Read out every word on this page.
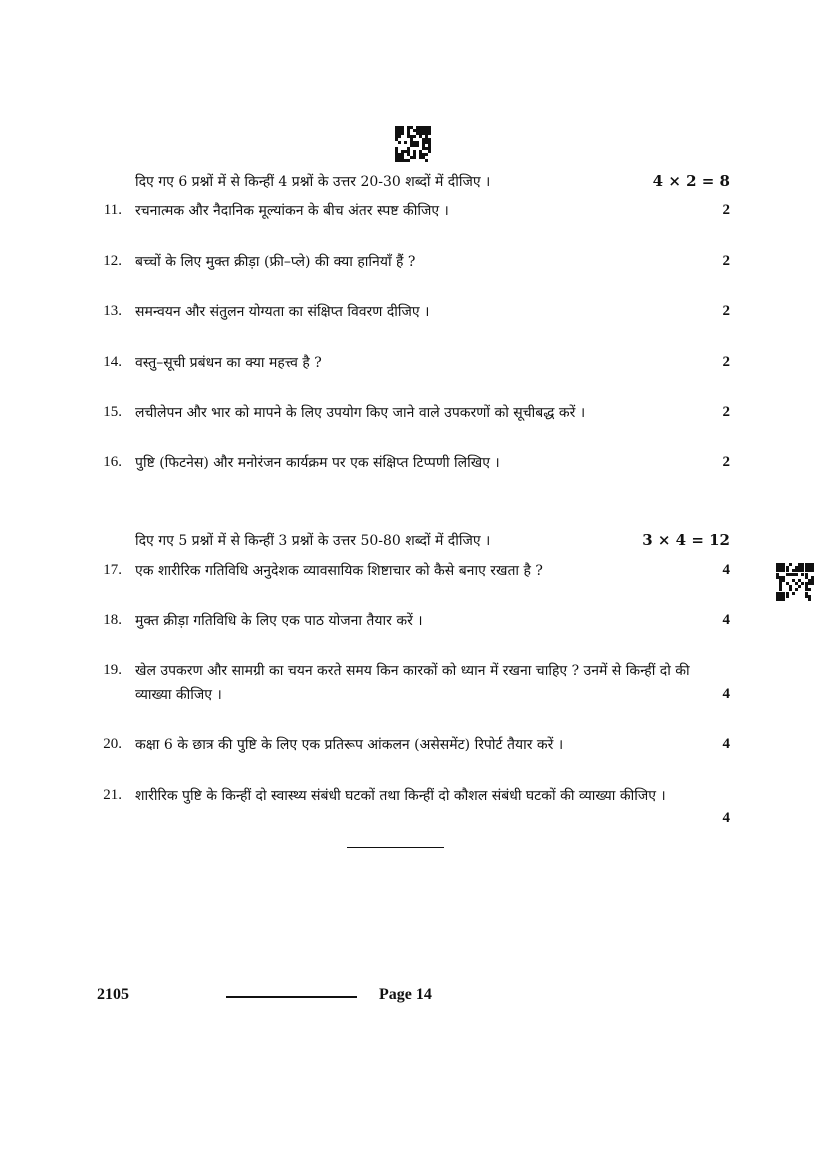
दिए गए 6 प्रश्नों में से किन्हीं 4 प्रश्नों के उत्तर 20-30 शब्दों में दीजिए ।	4 × 2 = 8
11. रचनात्मक और नैदानिक मूल्यांकन के बीच अंतर स्पष्ट कीजिए ।	2
12. बच्चों के लिए मुक्त क्रीड़ा (फ्री–प्ले) की क्या हानियाँ हैं ?	2
13. समन्वयन और संतुलन योग्यता का संक्षिप्त विवरण दीजिए ।	2
14. वस्तु–सूची प्रबंधन का क्या महत्त्व है ?	2
15. लचीलेपन और भार को मापने के लिए उपयोग किए जाने वाले उपकरणों को सूचीबद्ध करें ।	2
16. पुष्टि (फिटनेस) और मनोरंजन कार्यक्रम पर एक संक्षिप्त टिप्पणी लिखिए ।	2
दिए गए 5 प्रश्नों में से किन्हीं 3 प्रश्नों के उत्तर 50-80 शब्दों में दीजिए ।	3 × 4 = 12
17. एक शारीरिक गतिविधि अनुदेशक व्यावसायिक शिष्टाचार को कैसे बनाए रखता है ?	4
18. मुक्त क्रीड़ा गतिविधि के लिए एक पाठ योजना तैयार करें ।	4
19. खेल उपकरण और सामग्री का चयन करते समय किन कारकों को ध्यान में रखना चाहिए ? उनमें से किन्हीं दो की व्याख्या कीजिए ।	4
20. कक्षा 6 के छात्र की पुष्टि के लिए एक प्रतिरूप आंकलन (असेसमेंट) रिपोर्ट तैयार करें ।	4
21. शारीरिक पुष्टि के किन्हीं दो स्वास्थ्य संबंधी घटकों तथा किन्हीं दो कौशल संबंधी घटकों की व्याख्या कीजिए ।
4
2105	Page 14
